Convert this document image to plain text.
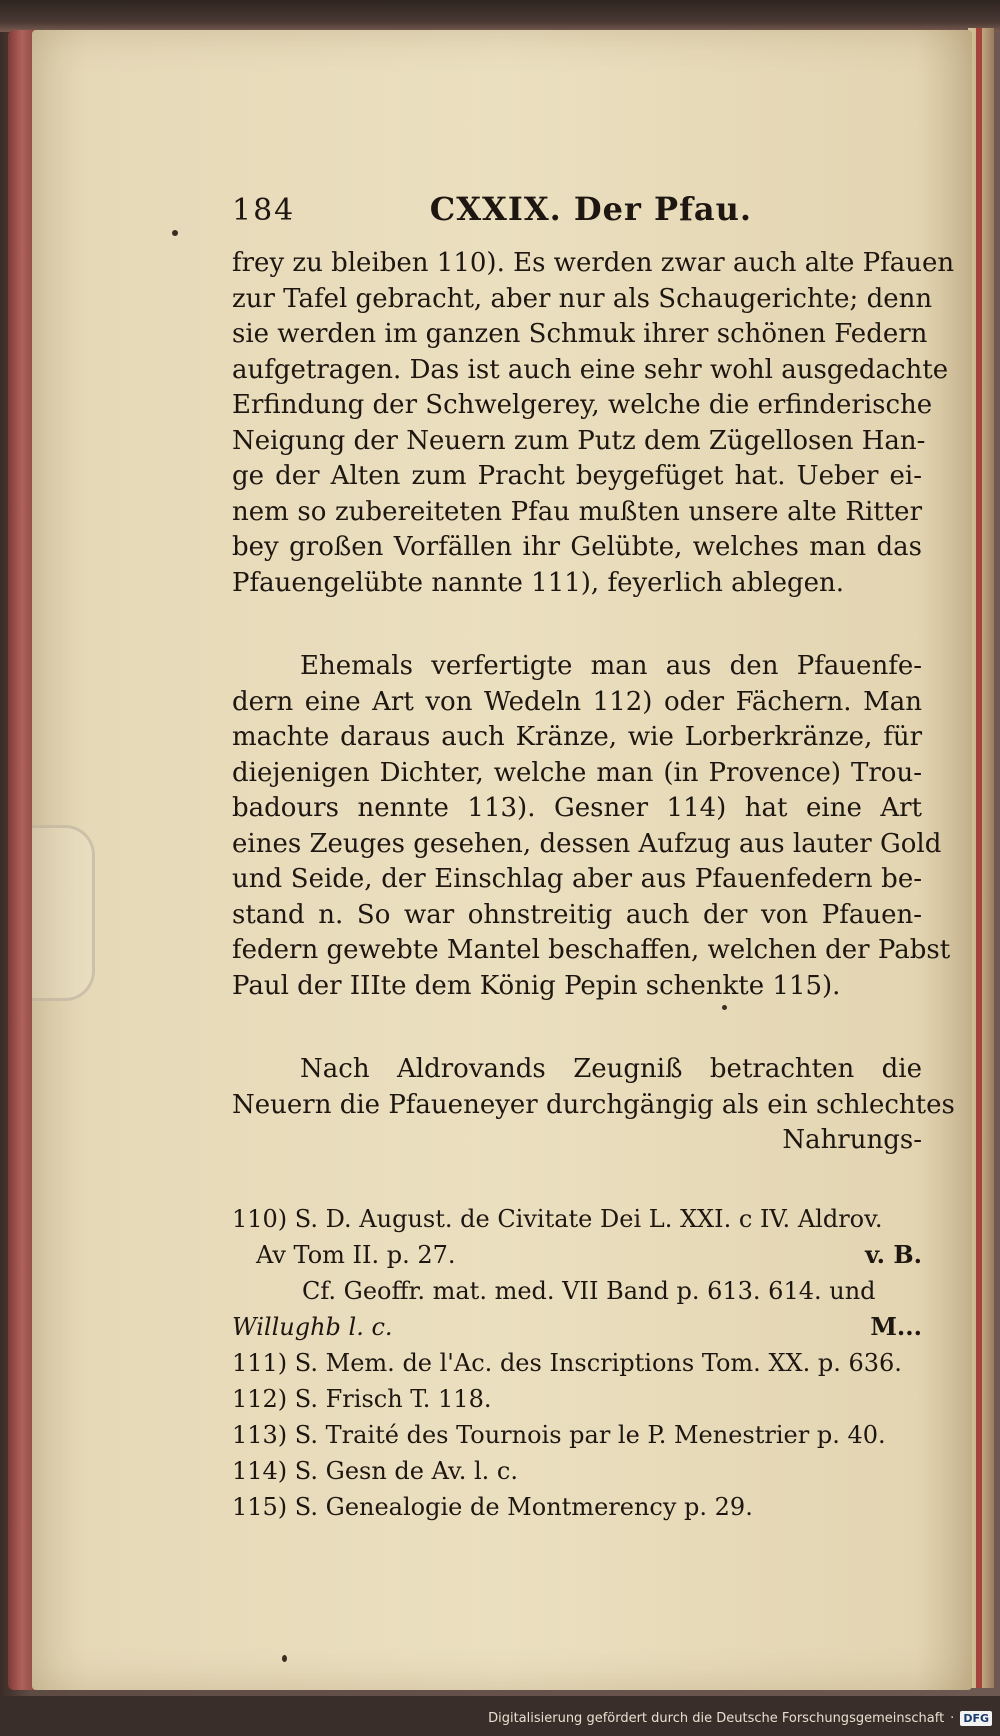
184	CXXIX. Der Pfau.

frey zu bleiben 110). Es werden zwar auch alte Pfauen
zur Tafel gebracht, aber nur als Schaugerichte; denn
sie werden im ganzen Schmuk ihrer schönen Federn
aufgetragen. Das ist auch eine sehr wohl ausgedachte
Erfindung der Schwelgerey, welche die erfinderische
Neigung der Neuern zum Putz dem Zügellosen Han-
ge der Alten zum Pracht beygefüget hat. Ueber ei-
nem so zubereiteten Pfau mußten unsere alte Ritter
bey großen Vorfällen ihr Gelübte, welches man das
Pfauengelübte nannte 111), feyerlich ablegen.

Ehemals verfertigte man aus den Pfauenfe-
dern eine Art von Wedeln 112) oder Fächern. Man
machte daraus auch Kränze, wie Lorberkränze, für
diejenigen Dichter, welche man (in Provence) Trou-
badours nennte 113). Gesner 114) hat eine Art
eines Zeuges gesehen, dessen Aufzug aus lauter Gold
und Seide, der Einschlag aber aus Pfauenfedern be-
stand n. So war ohnstreitig auch der von Pfauen-
federn gewebte Mantel beschaffen, welchen der Pabst
Paul der IIIte dem König Pepin schenkte 115).

Nach Aldrovands Zeugniß betrachten die
Neuern die Pfaueneyer durchgängig als ein schlechtes
Nahrungs-

110) S. D. August. de Civitate Dei L. XXI. c IV. Aldrov.
Av Tom II. p. 27.	v. B.
Cf. Geoffr. mat. med. VII Band p. 613. 614. und
Willughb l. c.	M...
111) S. Mem. de l'Ac. des Inscriptions Tom. XX. p. 636.
112) S. Frisch T. 118.
113) S. Traité des Tournois par le P. Menestrier p. 40.
114) S. Gesn de Av. l. c.
115) S. Genealogie de Montmerency p. 29.
Digitalisierung gefördert durch die Deutsche Forschungsgemeinschaft · DFG
